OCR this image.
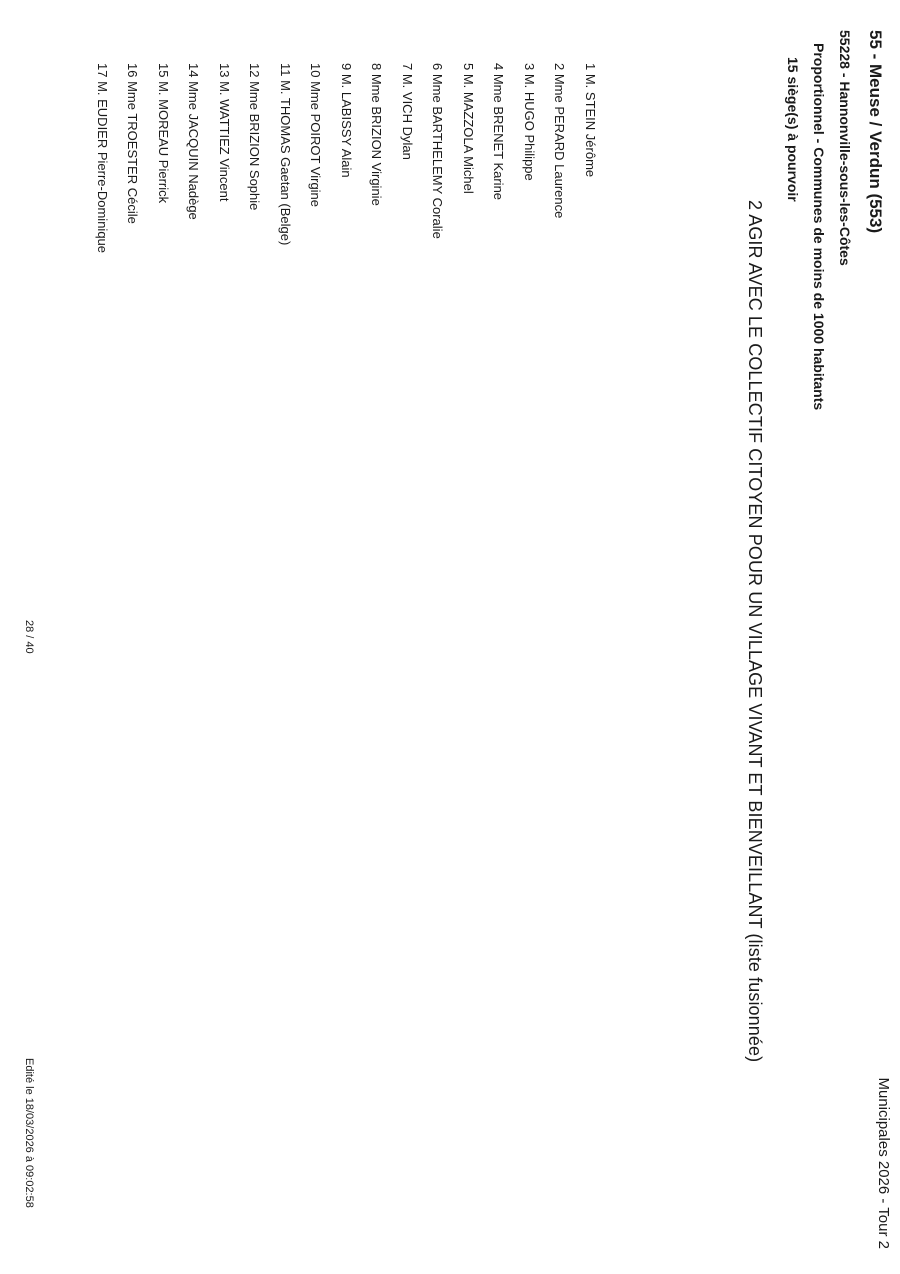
55 - Meuse / Verdun (553)
55228 - Hannonville-sous-les-Côtes
Proportionnel - Communes de moins de 1000 habitants
15 siège(s) à pourvoir
Municipales 2026 - Tour 2
2 AGIR AVEC LE COLLECTIF CITOYEN POUR UN VILLAGE VIVANT ET BIENVEILLANT (liste fusionnée)
1 M. STEIN Jérôme
2 Mme PERARD Laurence
3 M. HUGO Philippe
4 Mme BRENET Karine
5 M. MAZZOLA Michel
6 Mme BARTHELEMY Coralie
7 M. VICH Dylan
8 Mme BRIZION Virginie
9 M. LABISSY Alain
10 Mme POIROT Virgine
11 M. THOMAS Gaetan (Belge)
12 Mme BRIZION Sophie
13 M. WATTIEZ Vincent
14 Mme JACQUIN Nadège
15 M. MOREAU Pierrick
16 Mme TROESTER Cécile
17 M. EUDIER Pierre-Dominique
28 / 40
Edité le 18/03/2026 à 09:02:58
